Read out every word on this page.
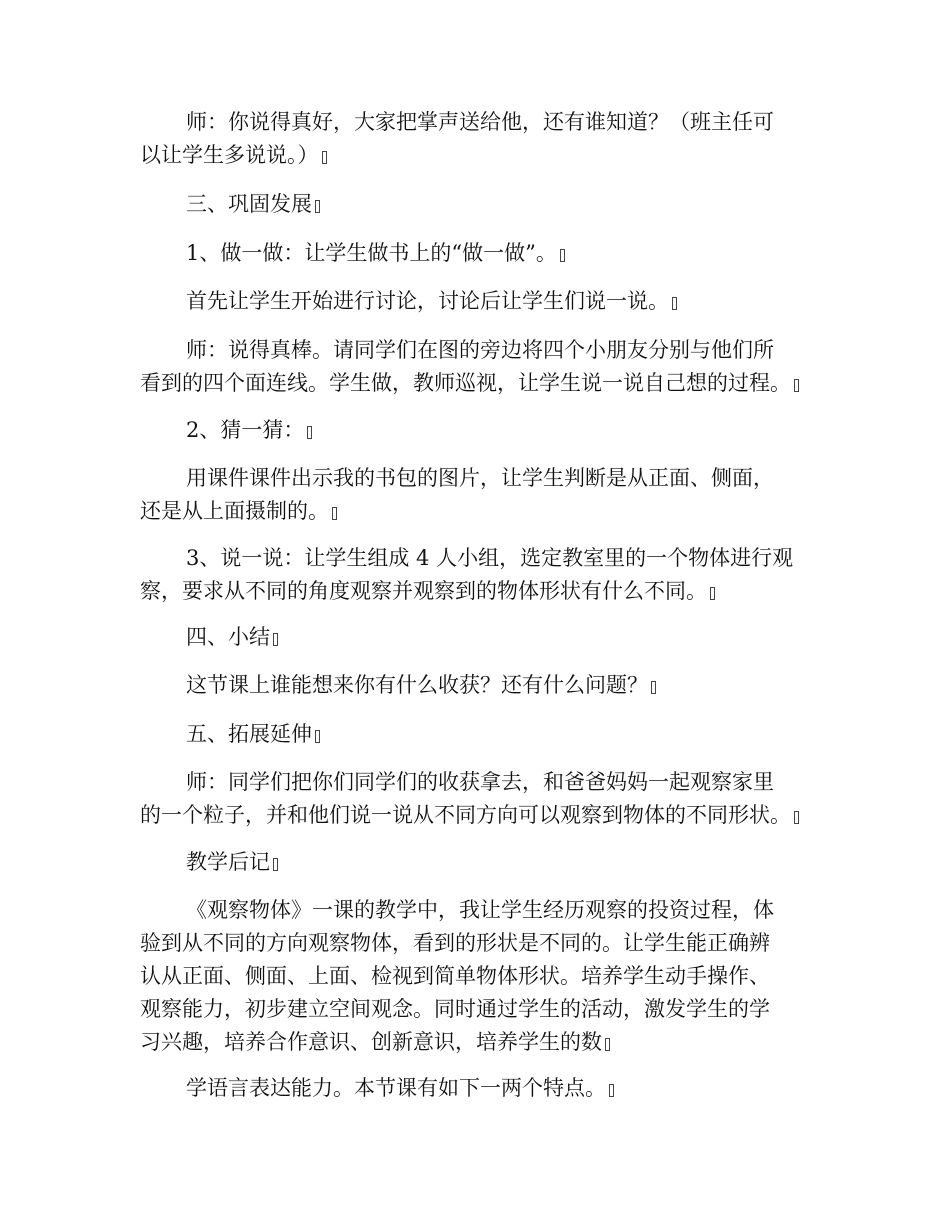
师：你说得真好，大家把掌声送给他，还有谁知道？（班主任可
以让学生多说说。）

三、巩固发展

1、做一做：让学生做书上的“做一做”。

首先让学生开始进行讨论，讨论后让学生们说一说。

师：说得真棒。请同学们在图的旁边将四个小朋友分别与他们所
看到的四个面连线。学生做，教师巡视，让学生说一说自己想的过程。

2、猜一猜：

用课件课件出示我的书包的图片，让学生判断是从正面、侧面，
还是从上面摄制的。

3、说一说：让学生组成 4 人小组，选定教室里的一个物体进行观
察，要求从不同的角度观察并观察到的物体形状有什么不同。

四、小结

这节课上谁能想来你有什么收获？还有什么问题？

五、拓展延伸

师：同学们把你们同学们的收获拿去，和爸爸妈妈一起观察家里
的一个粒子，并和他们说一说从不同方向可以观察到物体的不同形状。

教学后记

《观察物体》一课的教学中，我让学生经历观察的投资过程，体
验到从不同的方向观察物体，看到的形状是不同的。让学生能正确辨
认从正面、侧面、上面、检视到简单物体形状。培养学生动手操作、
观察能力，初步建立空间观念。同时通过学生的活动，激发学生的学
习兴趣，培养合作意识、创新意识，培养学生的数

学语言表达能力。本节课有如下一两个特点。
